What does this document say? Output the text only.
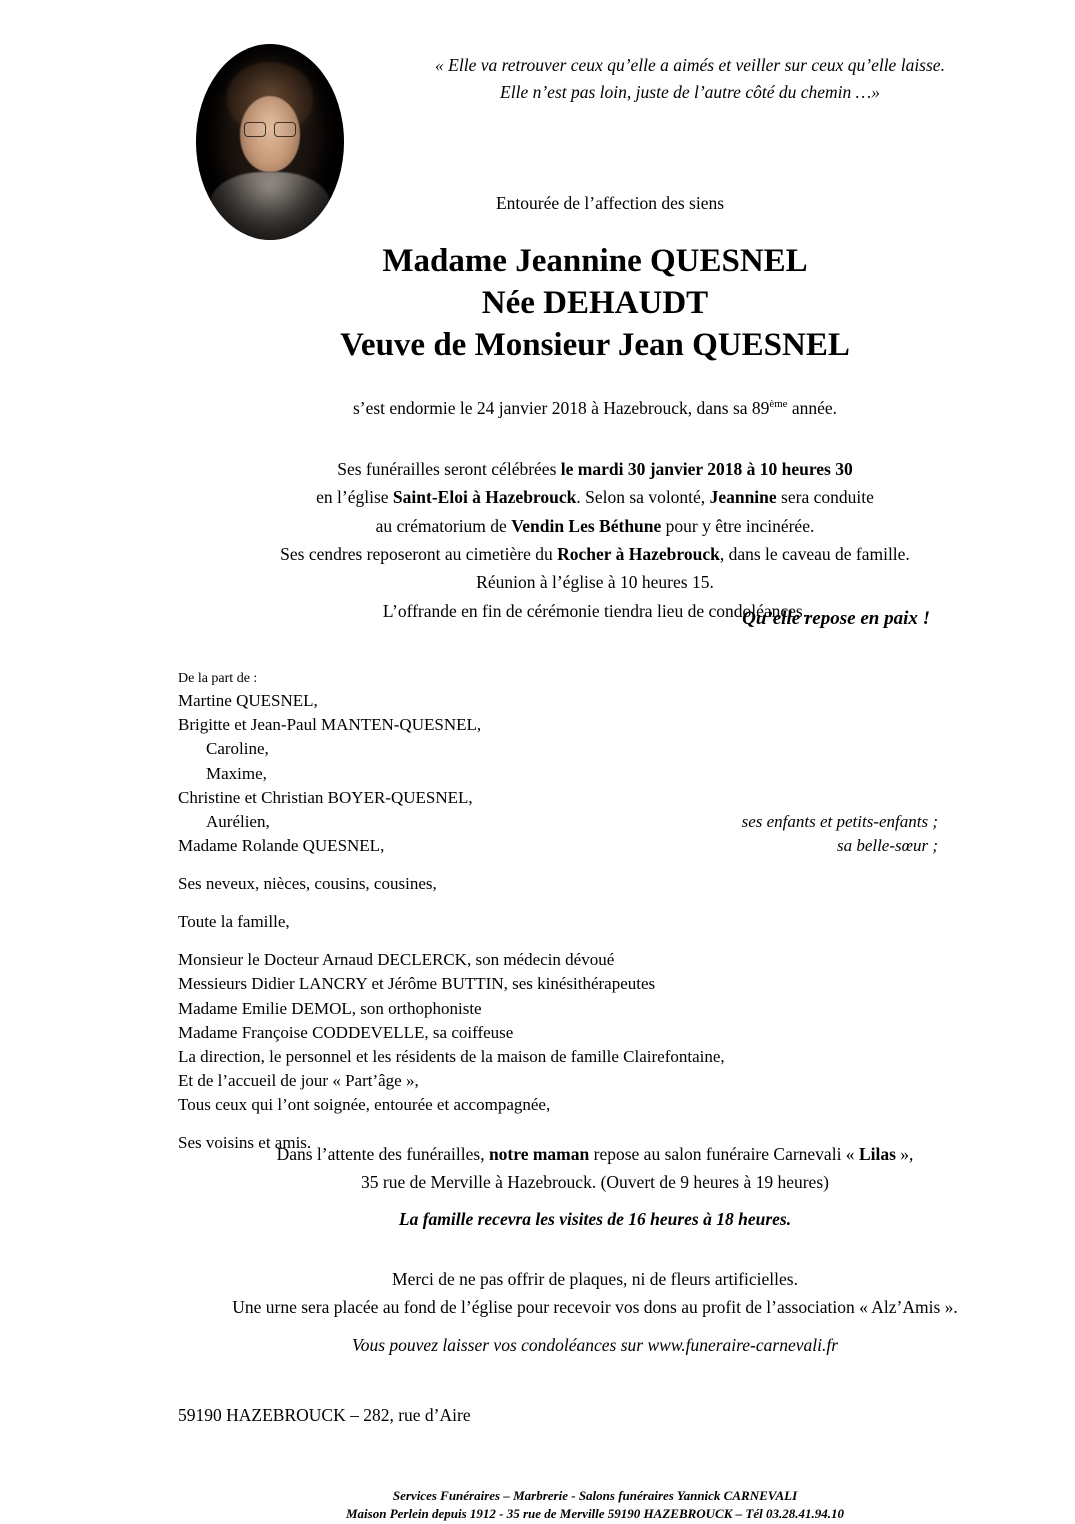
« Elle va retrouver ceux qu’elle a aimés et veiller sur ceux qu’elle laisse.
Elle n’est pas loin, juste de l’autre côté du chemin …»
Entourée de l’affection des siens
Madame Jeannine QUESNEL
Née DEHAUDT
Veuve de Monsieur Jean QUESNEL
s’est endormie le 24 janvier 2018 à Hazebrouck, dans sa 89ème année.
Ses funérailles seront célébrées le mardi 30 janvier 2018 à 10 heures 30
en l’église Saint-Eloi à Hazebrouck. Selon sa volonté, Jeannine sera conduite
au crématorium de Vendin Les Béthune pour y être incinérée.
Ses cendres reposeront au cimetière du Rocher à Hazebrouck, dans le caveau de famille.
Réunion à l’église à 10 heures 15.
L’offrande en fin de cérémonie tiendra lieu de condoléances.
Qu’elle repose en paix !
De la part de :
Martine QUESNEL,
Brigitte et Jean-Paul MANTEN-QUESNEL,
Caroline,
Maxime,
Christine et Christian BOYER-QUESNEL,
Aurélien,	ses enfants et petits-enfants ;
Madame Rolande QUESNEL,	sa belle-sœur ;
Ses neveux, nièces, cousins, cousines,
Toute la famille,
Monsieur le Docteur Arnaud DECLERCK, son médecin dévoué
Messieurs Didier LANCRY et Jérôme BUTTIN, ses kinésithérapeutes
Madame Emilie DEMOL, son orthophoniste
Madame Françoise CODDEVELLE, sa coiffeuse
La direction, le personnel et les résidents de la maison de famille Clairefontaine,
Et de l’accueil de jour « Part’âge »,
Tous ceux qui l’ont soignée, entourée et accompagnée,
Ses voisins et amis.
Dans l’attente des funérailles, notre maman repose au salon funéraire Carnevali « Lilas »,
35 rue de Merville à Hazebrouck. (Ouvert de 9 heures à 19 heures)
La famille recevra les visites de 16 heures à 18 heures.
Merci de ne pas offrir de plaques, ni de fleurs artificielles.
Une urne sera placée au fond de l’église pour recevoir vos dons au profit de l’association « Alz’Amis ».
Vous pouvez laisser vos condoléances sur www.funeraire-carnevali.fr
59190 HAZEBROUCK – 282, rue d’Aire
Services Funéraires – Marbrerie - Salons funéraires Yannick CARNEVALI
Maison Perlein depuis 1912 - 35 rue de Merville 59190 HAZEBROUCK – Tél 03.28.41.94.10
